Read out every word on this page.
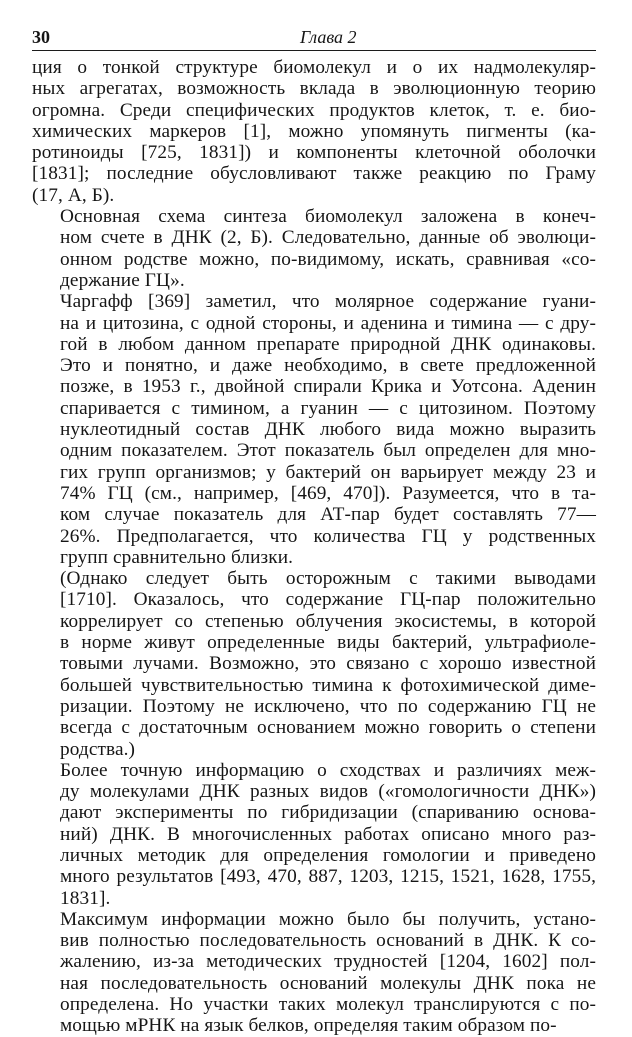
30	Глава 2

ция о тонкой структуре биомолекул и о их надмолекуляр-
ных агрегатах, возможность вклада в эволюционную теорию
огромна. Среди специфических продуктов клеток, т. е. био-
химических маркеров [1], можно упомянуть пигменты (ка-
ротиноиды [725, 1831]) и компоненты клеточной оболочки
[1831]; последние обусловливают также реакцию по Граму
(17, А, Б).

Основная схема синтеза биомолекул заложена в конеч-
ном счете в ДНК (2, Б). Следовательно, данные об эволюци-
онном родстве можно, по-видимому, искать, сравнивая «со-
держание ГЦ».

Чаргафф [369] заметил, что молярное содержание гуани-
на и цитозина, с одной стороны, и аденина и тимина — с дру-
гой в любом данном препарате природной ДНК одинаковы.
Это и понятно, и даже необходимо, в свете предложенной
позже, в 1953 г., двойной спирали Крика и Уотсона. Аденин
спаривается с тимином, а гуанин — с цитозином. Поэтому
нуклеотидный состав ДНК любого вида можно выразить
одним показателем. Этот показатель был определен для мно-
гих групп организмов; у бактерий он варьирует между 23 и
74% ГЦ (см., например, [469, 470]). Разумеется, что в та-
ком случае показатель для АТ-пар будет составлять 77—
26%. Предполагается, что количества ГЦ у родственных
групп сравнительно близки.

(Однако следует быть осторожным с такими выводами
[1710]. Оказалось, что содержание ГЦ-пар положительно
коррелирует со степенью облучения экосистемы, в которой
в норме живут определенные виды бактерий, ультрафиоле-
товыми лучами. Возможно, это связано с хорошо известной
большей чувствительностью тимина к фотохимической диме-
ризации. Поэтому не исключено, что по содержанию ГЦ не
всегда с достаточным основанием можно говорить о степени
родства.)

Более точную информацию о сходствах и различиях меж-
ду молекулами ДНК разных видов («гомологичности ДНК»)
дают эксперименты по гибридизации (спариванию основа-
ний) ДНК. В многочисленных работах описано много раз-
личных методик для определения гомологии и приведено
много результатов [493, 470, 887, 1203, 1215, 1521, 1628, 1755,
1831].

Максимум информации можно было бы получить, устано-
вив полностью последовательность оснований в ДНК. К со-
жалению, из-за методических трудностей [1204, 1602] пол-
ная последовательность оснований молекулы ДНК пока не
определена. Но участки таких молекул транслируются с по-
мощью мРНК на язык белков, определяя таким образом по-
